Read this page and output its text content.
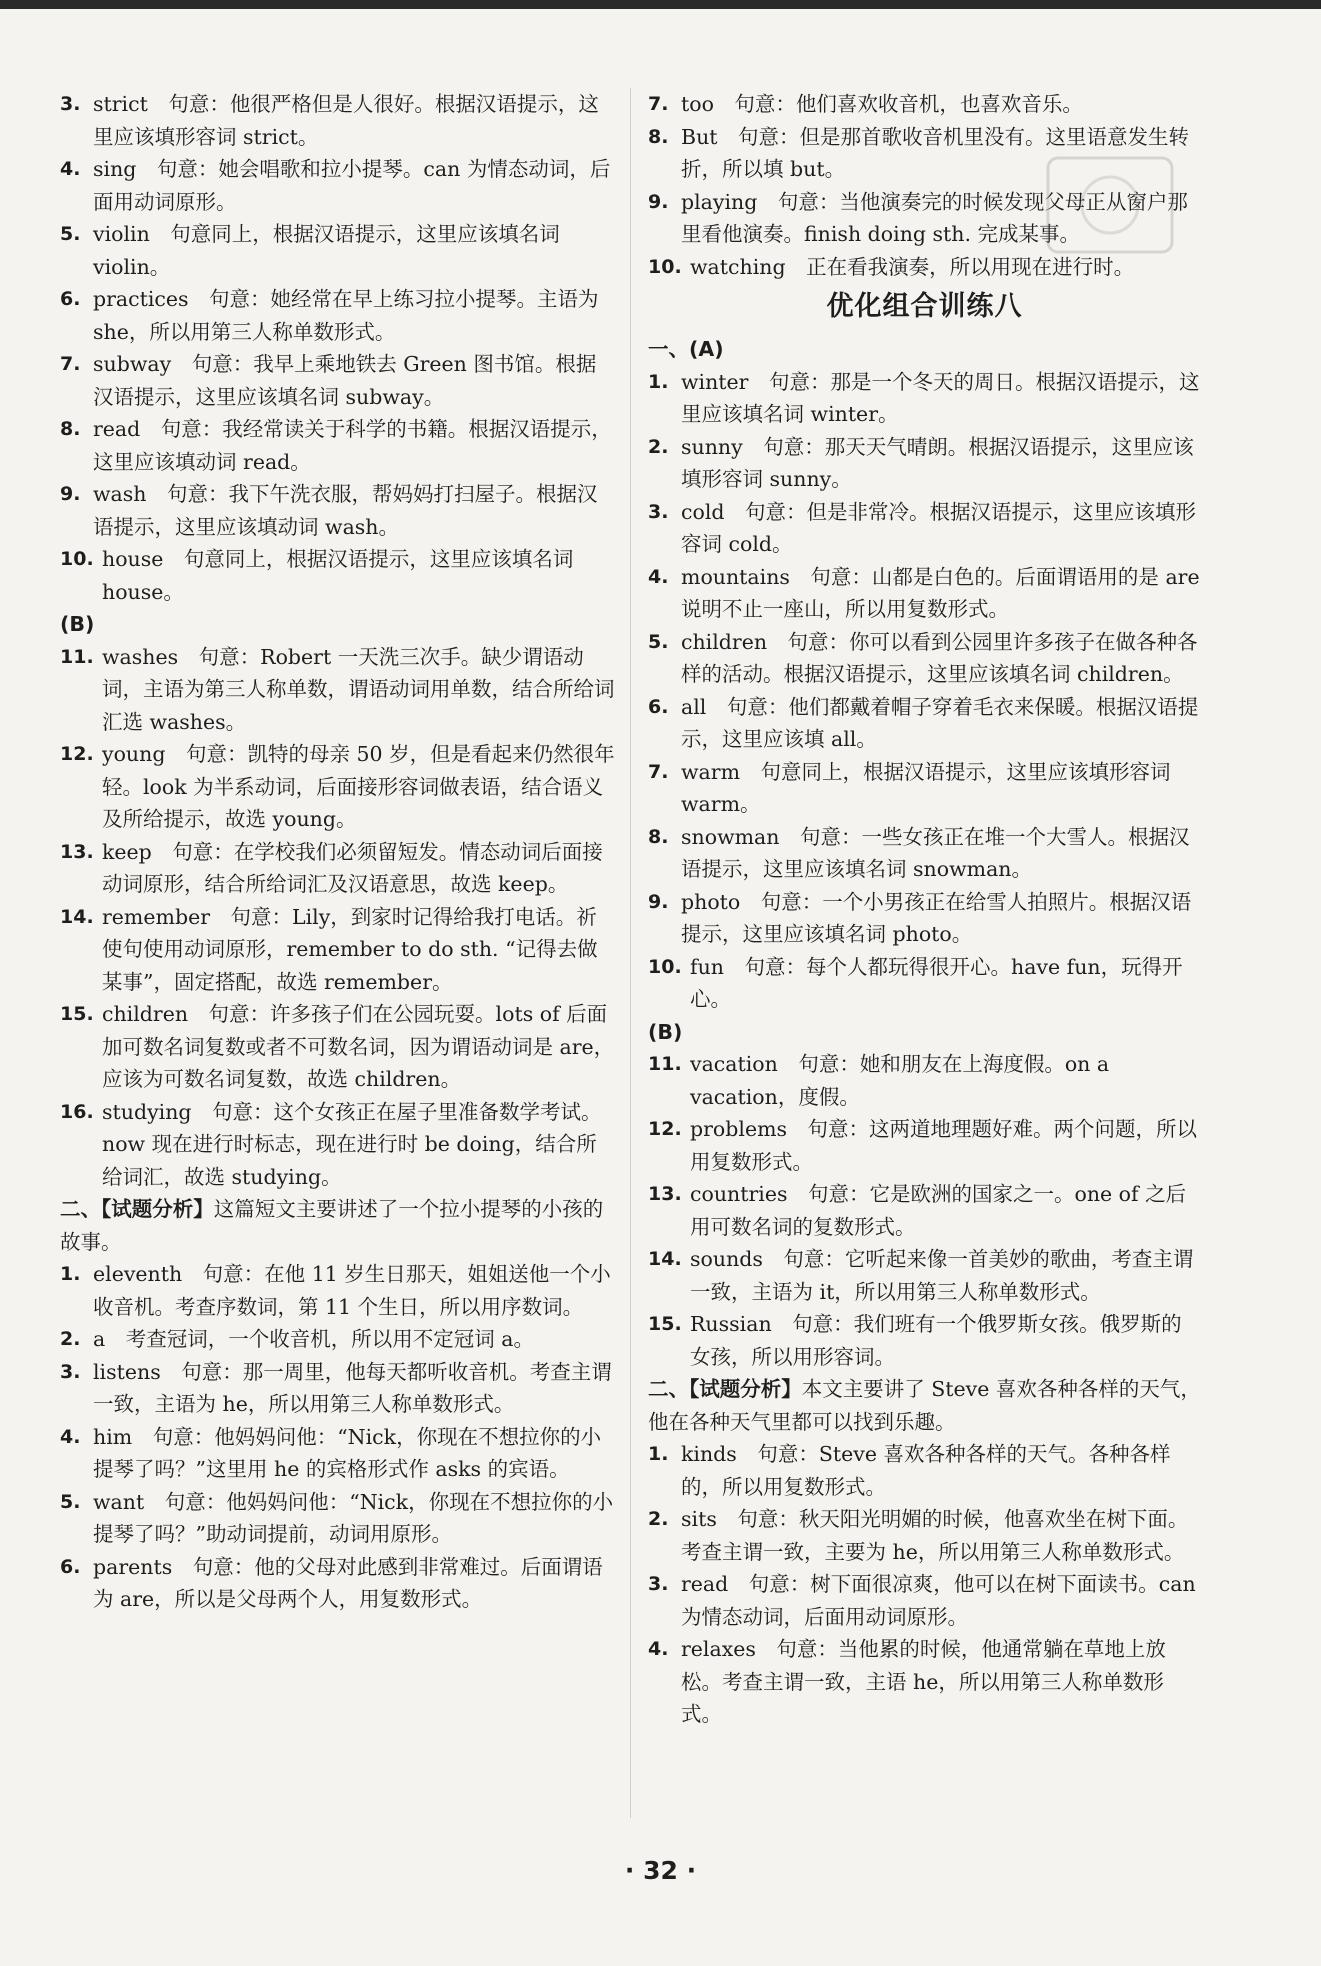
3. strict　句意：他很严格但是人很好。根据汉语提示，这里应该填形容词 strict。

4. sing　句意：她会唱歌和拉小提琴。can 为情态动词，后面用动词原形。

5. violin　句意同上，根据汉语提示，这里应该填名词 violin。

6. practices　句意：她经常在早上练习拉小提琴。主语为 she，所以用第三人称单数形式。

7. subway　句意：我早上乘地铁去 Green 图书馆。根据汉语提示，这里应该填名词 subway。

8. read　句意：我经常读关于科学的书籍。根据汉语提示，这里应该填动词 read。

9. wash　句意：我下午洗衣服，帮妈妈打扫屋子。根据汉语提示，这里应该填动词 wash。

10. house　句意同上，根据汉语提示，这里应该填名词 house。

(B)

11. washes　句意：Robert 一天洗三次手。缺少谓语动词，主语为第三人称单数，谓语动词用单数，结合所给词汇选 washes。

12. young　句意：凯特的母亲 50 岁，但是看起来仍然很年轻。look 为半系动词，后面接形容词做表语，结合语义及所给提示，故选 young。

13. keep　句意：在学校我们必须留短发。情态动词后面接动词原形，结合所给词汇及汉语意思，故选 keep。

14. remember　句意：Lily，到家时记得给我打电话。祈使句使用动词原形，remember to do sth. “记得去做某事”，固定搭配，故选 remember。

15. children　句意：许多孩子们在公园玩耍。lots of 后面加可数名词复数或者不可数名词，因为谓语动词是 are，应该为可数名词复数，故选 children。

16. studying　句意：这个女孩正在屋子里准备数学考试。now 现在进行时标志，现在进行时 be doing，结合所给词汇，故选 studying。

二、【试题分析】这篇短文主要讲述了一个拉小提琴的小孩的故事。

1. eleventh　句意：在他 11 岁生日那天，姐姐送他一个小收音机。考查序数词，第 11 个生日，所以用序数词。

2. a　考查冠词，一个收音机，所以用不定冠词 a。

3. listens　句意：那一周里，他每天都听收音机。考查主谓一致，主语为 he，所以用第三人称单数形式。

4. him　句意：他妈妈问他：“Nick，你现在不想拉你的小提琴了吗？”这里用 he 的宾格形式作 asks 的宾语。

5. want　句意：他妈妈问他：“Nick，你现在不想拉你的小提琴了吗？”助动词提前，动词用原形。

6. parents　句意：他的父母对此感到非常难过。后面谓语为 are，所以是父母两个人，用复数形式。

7. too　句意：他们喜欢收音机，也喜欢音乐。

8. But　句意：但是那首歌收音机里没有。这里语意发生转折，所以填 but。

9. playing　句意：当他演奏完的时候发现父母正从窗户那里看他演奏。finish doing sth. 完成某事。

10. watching　正在看我演奏，所以用现在进行时。

优化组合训练八

一、(A)

1. winter　句意：那是一个冬天的周日。根据汉语提示，这里应该填名词 winter。

2. sunny　句意：那天天气晴朗。根据汉语提示，这里应该填形容词 sunny。

3. cold　句意：但是非常冷。根据汉语提示，这里应该填形容词 cold。

4. mountains　句意：山都是白色的。后面谓语用的是 are 说明不止一座山，所以用复数形式。

5. children　句意：你可以看到公园里许多孩子在做各种各样的活动。根据汉语提示，这里应该填名词 children。

6. all　句意：他们都戴着帽子穿着毛衣来保暖。根据汉语提示，这里应该填 all。

7. warm　句意同上，根据汉语提示，这里应该填形容词 warm。

8. snowman　句意：一些女孩正在堆一个大雪人。根据汉语提示，这里应该填名词 snowman。

9. photo　句意：一个小男孩正在给雪人拍照片。根据汉语提示，这里应该填名词 photo。

10. fun　句意：每个人都玩得很开心。have fun，玩得开心。

(B)

11. vacation　句意：她和朋友在上海度假。on a vacation，度假。

12. problems　句意：这两道地理题好难。两个问题，所以用复数形式。

13. countries　句意：它是欧洲的国家之一。one of 之后用可数名词的复数形式。

14. sounds　句意：它听起来像一首美妙的歌曲，考查主谓一致，主语为 it，所以用第三人称单数形式。

15. Russian　句意：我们班有一个俄罗斯女孩。俄罗斯的女孩，所以用形容词。

二、【试题分析】本文主要讲了 Steve 喜欢各种各样的天气，他在各种天气里都可以找到乐趣。

1. kinds　句意：Steve 喜欢各种各样的天气。各种各样的，所以用复数形式。

2. sits　句意：秋天阳光明媚的时候，他喜欢坐在树下面。考查主谓一致，主要为 he，所以用第三人称单数形式。

3. read　句意：树下面很凉爽，他可以在树下面读书。can 为情态动词，后面用动词原形。

4. relaxes　句意：当他累的时候，他通常躺在草地上放松。考查主谓一致，主语 he，所以用第三人称单数形式。

· 32 ·
